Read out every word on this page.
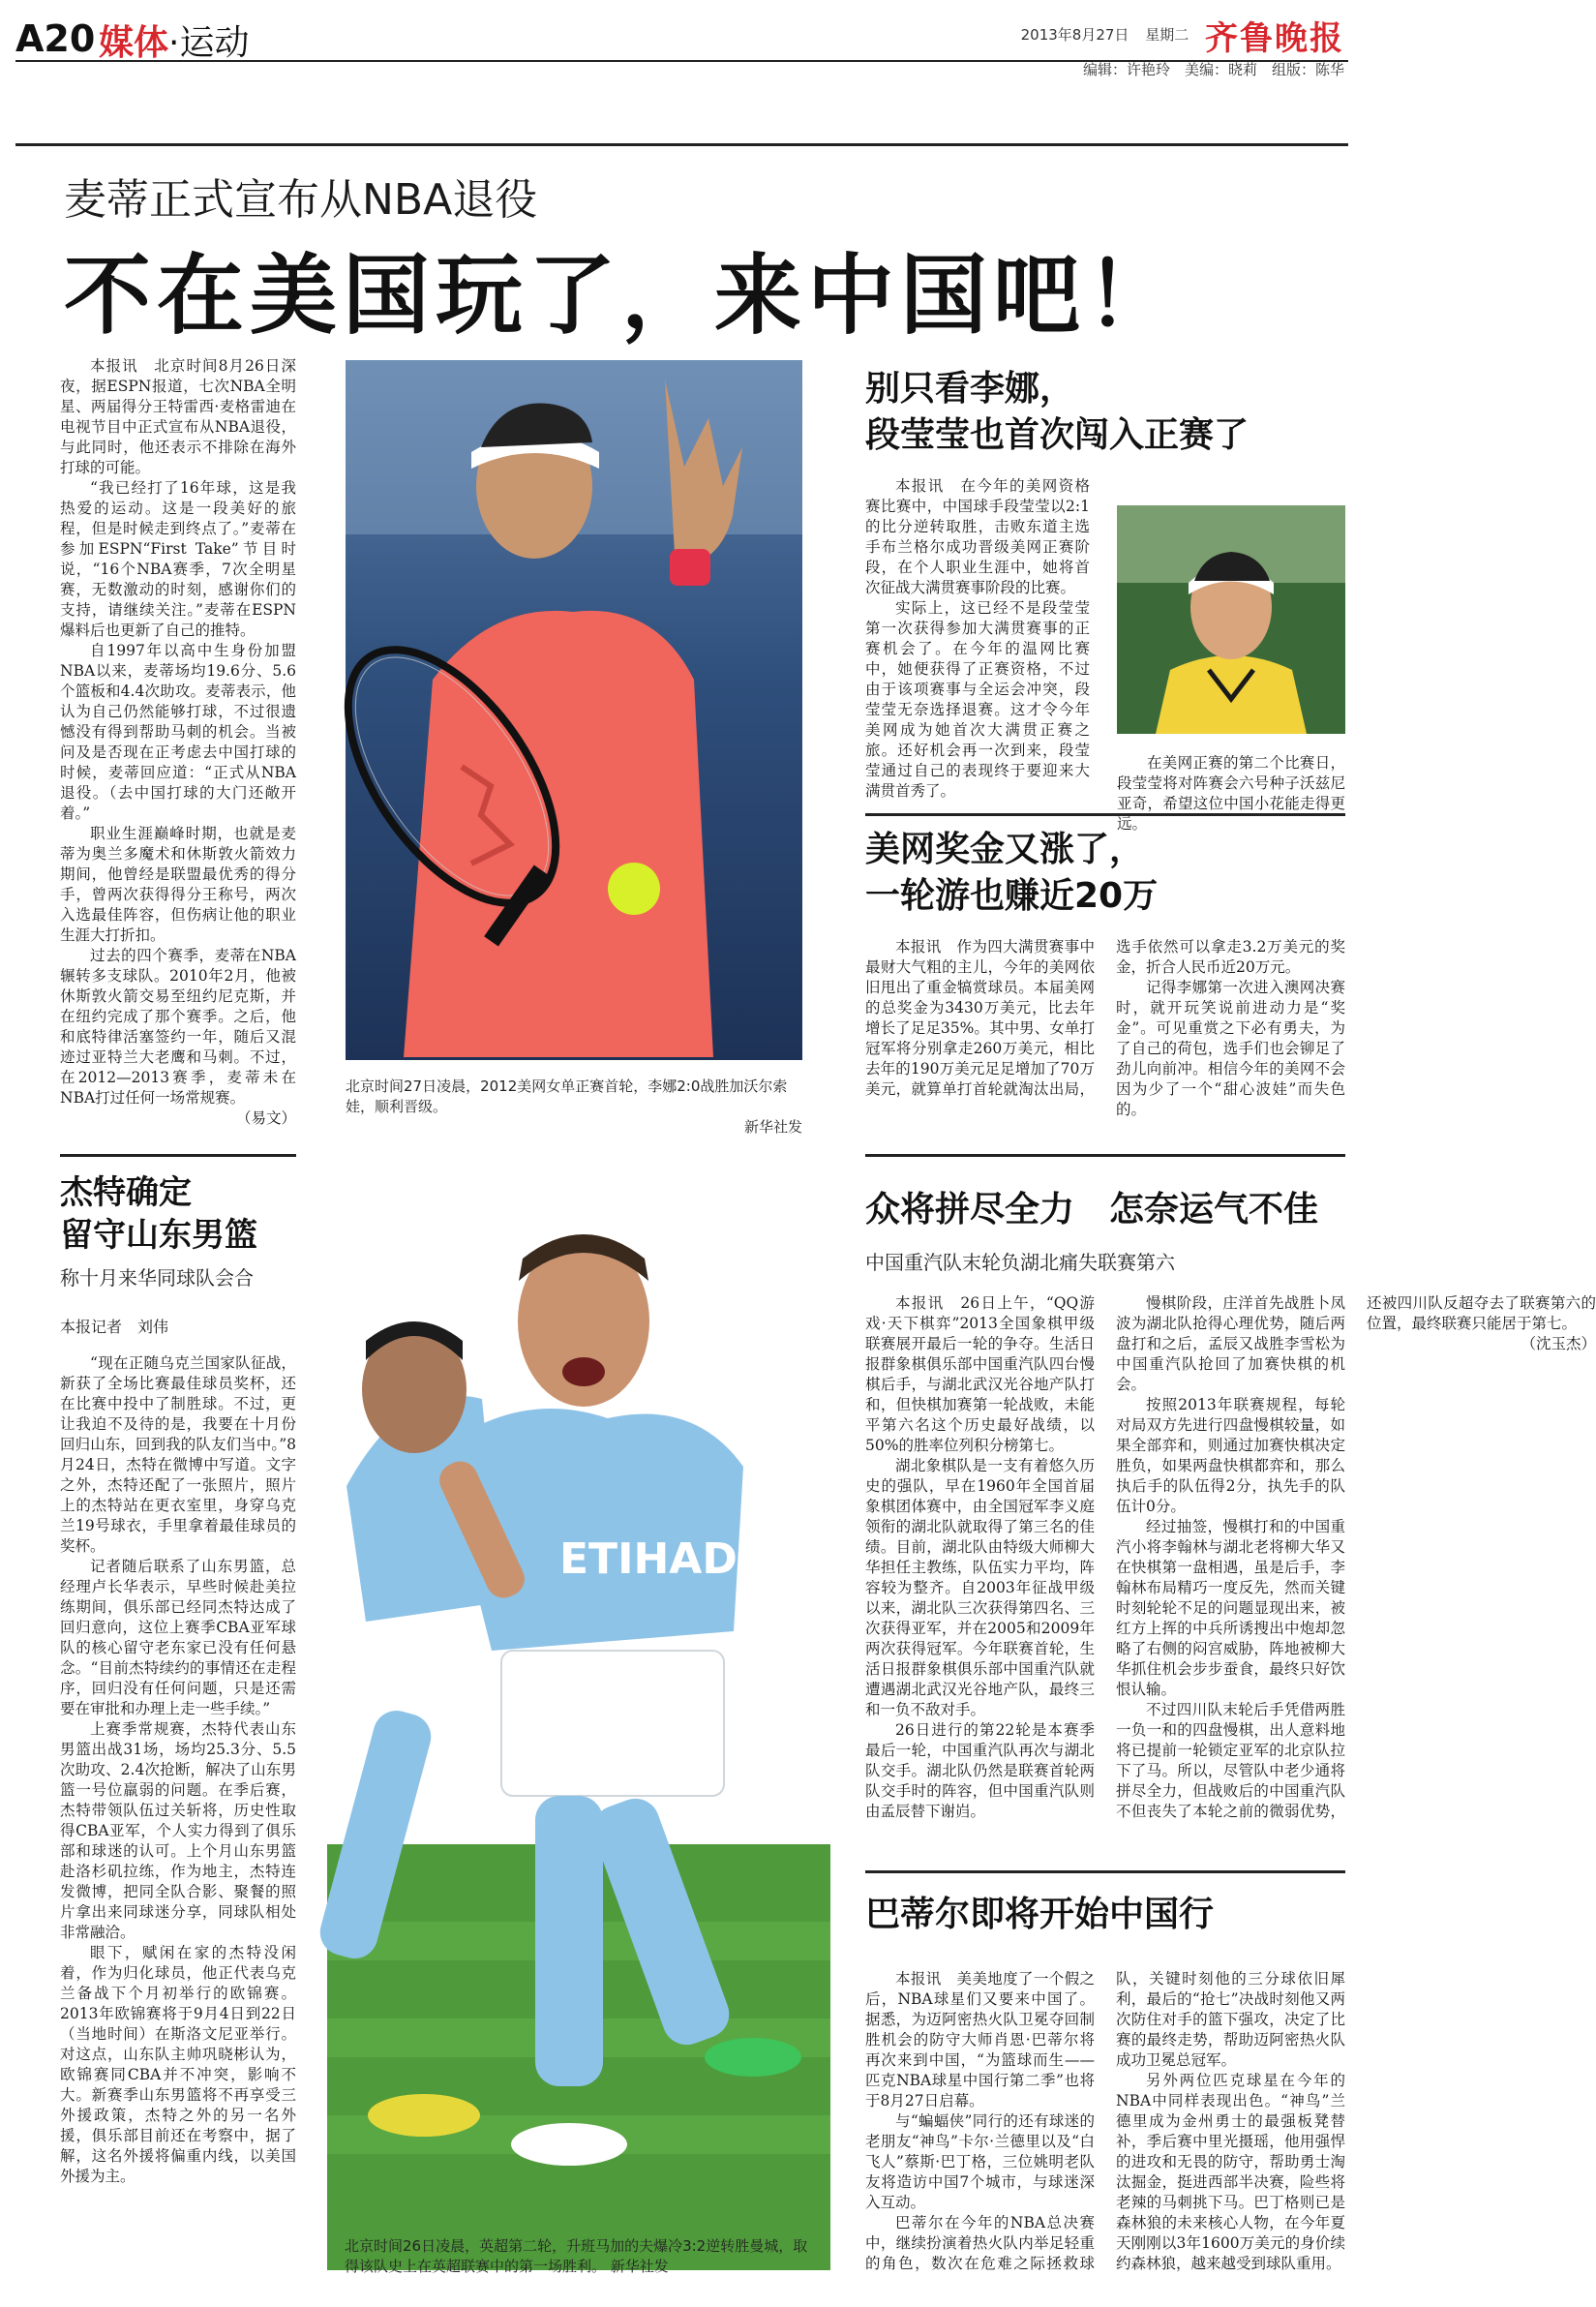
A20 媒体·运动	2013年8月27日 星期二 齐鲁晚报
编辑：许艳玲　美编：晓莉　组版：陈华
麦蒂正式宣布从NBA退役
不在美国玩了，来中国吧！

本报讯　北京时间8月26日深夜，据ESPN报道，七次NBA全明星、两届得分王特雷西·麦格雷迪在电视节目中正式宣布从NBA退役，与此同时，他还表示不排除在海外打球的可能。

“我已经打了16年球，这是我热爱的运动。这是一段美好的旅程，但是时候走到终点了。”麦蒂在参加ESPN“First Take”节目时说，“16个NBA赛季，7次全明星赛，无数激动的时刻，感谢你们的支持，请继续关注。”麦蒂在ESPN爆料后也更新了自己的推特。

自1997年以高中生身份加盟NBA以来，麦蒂场均19.6分、5.6个篮板和4.4次助攻。麦蒂表示，他认为自己仍然能够打球，不过很遗憾没有得到帮助马刺的机会。当被问及是否现在正考虑去中国打球的时候，麦蒂回应道：“正式从NBA退役。（去中国打球的大门还敞开着。”

职业生涯巅峰时期，也就是麦蒂为奥兰多魔术和休斯敦火箭效力期间，他曾经是联盟最优秀的得分手，曾两次获得得分王称号，两次入选最佳阵容，但伤病让他的职业生涯大打折扣。

过去的四个赛季，麦蒂在NBA辗转多支球队。2010年2月，他被休斯敦火箭交易至纽约尼克斯，并在纽约完成了那个赛季。之后，他和底特律活塞签约一年，随后又混迹过亚特兰大老鹰和马刺。不过，在2012—2013赛季，麦蒂未在NBA打过任何一场常规赛。

（易文）

北京时间27日凌晨，2012美网女单正赛首轮，李娜2:0战胜加沃尔索娃，顺利晋级。
新华社发
别只看李娜，
段莹莹也首次闯入正赛了

本报讯　在今年的美网资格赛比赛中，中国球手段莹莹以2:1的比分逆转取胜，击败东道主选手布兰格尔成功晋级美网正赛阶段，在个人职业生涯中，她将首次征战大满贯赛事阶段的比赛。

实际上，这已经不是段莹莹第一次获得参加大满贯赛事的正赛机会了。在今年的温网比赛中，她便获得了正赛资格，不过由于该项赛事与全运会冲突，段莹莹无奈选择退赛。这才令今年美网成为她首次大满贯正赛之旅。还好机会再一次到来，段莹莹通过自己的表现终于要迎来大满贯首秀了。

在美网正赛的第二个比赛日，段莹莹将对阵赛会六号种子沃兹尼亚奇，希望这位中国小花能走得更远。

美网奖金又涨了，
一轮游也赚近20万

本报讯　作为四大满贯赛事中最财大气粗的主儿，今年的美网依旧甩出了重金犒赏球员。本届美网的总奖金为3430万美元，比去年增长了足足35%。其中男、女单打冠军将分别拿走260万美元，相比去年的190万美元足足增加了70万美元，就算单打首轮就淘汰出局，选手依然可以拿走3.2万美元的奖金，折合人民币近20万元。

记得李娜第一次进入澳网决赛时，就开玩笑说前进动力是“奖金”。可见重赏之下必有勇夫，为了自己的荷包，选手们也会铆足了劲儿向前冲。相信今年的美网不会因为少了一个“甜心波娃”而失色的。

杰特确定
留守山东男篮
称十月来华同球队会合
本报记者　刘伟

“现在正随乌克兰国家队征战，新获了全场比赛最佳球员奖杯，还在比赛中投中了制胜球。不过，更让我迫不及待的是，我要在十月份回归山东，回到我的队友们当中。”8月24日，杰特在微博中写道。文字之外，杰特还配了一张照片，照片上的杰特站在更衣室里，身穿乌克兰19号球衣，手里拿着最佳球员的奖杯。

记者随后联系了山东男篮，总经理卢长华表示，早些时候赴美拉练期间，俱乐部已经同杰特达成了回归意向，这位上赛季CBA亚军球队的核心留守老东家已没有任何悬念。“目前杰特续约的事情还在走程序，回归没有任何问题，只是还需要在审批和办理上走一些手续。”

上赛季常规赛，杰特代表山东男篮出战31场，场均25.3分、5.5次助攻、2.4次抢断，解决了山东男篮一号位羸弱的问题。在季后赛，杰特带领队伍过关斩将，历史性取得CBA亚军，个人实力得到了俱乐部和球迷的认可。上个月山东男篮赴洛杉矶拉练，作为地主，杰特连发微博，把同全队合影、聚餐的照片拿出来同球迷分享，同球队相处非常融洽。

眼下，赋闲在家的杰特没闲着，作为归化球员，他正代表乌克兰备战下个月初举行的欧锦赛。2013年欧锦赛将于9月4日到22日（当地时间）在斯洛文尼亚举行。对这点，山东队主帅巩晓彬认为，欧锦赛同CBA并不冲突，影响不大。新赛季山东男篮将不再享受三外援政策，杰特之外的另一名外援，俱乐部目前还在考察中，据了解，这名外援将偏重内线，以美国外援为主。

ETIHAD
北京时间26日凌晨，英超第二轮，升班马加的夫爆冷3:2逆转胜曼城，取得该队史上在英超联赛中的第一场胜利。 新华社发
众将拼尽全力　怎奈运气不佳
中国重汽队末轮负湖北痛失联赛第六

本报讯　26日上午，“QQ游戏·天下棋弈”2013全国象棋甲级联赛展开最后一轮的争夺。生活日报群象棋俱乐部中国重汽队四台慢棋后手，与湖北武汉光谷地产队打和，但快棋加赛第一轮战败，未能平第六名这个历史最好战绩，以50%的胜率位列积分榜第七。

湖北象棋队是一支有着悠久历史的强队，早在1960年全国首届象棋团体赛中，由全国冠军李义庭领衔的湖北队就取得了第三名的佳绩。目前，湖北队由特级大师柳大华担任主教练，队伍实力平均，阵容较为整齐。自2003年征战甲级以来，湖北队三次获得第四名、三次获得亚军，并在2005和2009年两次获得冠军。今年联赛首轮，生活日报群象棋俱乐部中国重汽队就遭遇湖北武汉光谷地产队，最终三和一负不敌对手。

26日进行的第22轮是本赛季最后一轮，中国重汽队再次与湖北队交手。湖北队仍然是联赛首轮两队交手时的阵容，但中国重汽队则由孟辰替下谢岿。

慢棋阶段，庄洋首先战胜卜凤波为湖北队抢得心理优势，随后两盘打和之后，孟辰又战胜李雪松为中国重汽队抢回了加赛快棋的机会。

按照2013年联赛规程，每轮对局双方先进行四盘慢棋较量，如果全部弈和，则通过加赛快棋决定胜负，如果两盘快棋都弈和，那么执后手的队伍得2分，执先手的队伍计0分。

经过抽签，慢棋打和的中国重汽小将李翰林与湖北老将柳大华又在快棋第一盘相遇，虽是后手，李翰林布局精巧一度反先，然而关键时刻轮轮不足的问题显现出来，被红方上挥的中兵所诱搜出中炮却忽略了右侧的闷宫威胁，阵地被柳大华抓住机会步步蚕食，最终只好饮恨认输。

不过四川队末轮后手凭借两胜一负一和的四盘慢棋，出人意料地将已提前一轮锁定亚军的北京队拉下了马。所以，尽管队中老少通将拼尽全力，但战败后的中国重汽队不但丧失了本轮之前的微弱优势，还被四川队反超夺去了联赛第六的位置，最终联赛只能居于第七。

（沈玉杰）

巴蒂尔即将开始中国行

本报讯　美美地度了一个假之后，NBA球星们又要来中国了。据悉，为迈阿密热火队卫冕夺回制胜机会的防守大师肖恩·巴蒂尔将再次来到中国，“为篮球而生——匹克NBA球星中国行第二季”也将于8月27日启幕。

与“蝙蝠侠”同行的还有球迷的老朋友“神鸟”卡尔·兰德里以及“白飞人”蔡斯·巴丁格，三位姚明老队友将造访中国7个城市，与球迷深入互动。

巴蒂尔在今年的NBA总决赛中，继续扮演着热火队内举足轻重的角色，数次在危难之际拯救球队，关键时刻他的三分球依旧犀利，最后的“抢七”决战时刻他又两次防住对手的篮下强攻，决定了比赛的最终走势，帮助迈阿密热火队成功卫冕总冠军。

另外两位匹克球星在今年的NBA中同样表现出色。“神鸟”兰德里成为金州勇士的最强板凳替补，季后赛中里光摄瑶，他用强悍的进攻和无畏的防守，帮助勇士淘汰掘金，挺进西部半决赛，险些将老辣的马刺挑下马。巴丁格则已是森林狼的未来核心人物，在今年夏天刚刚以3年1600万美元的身价续约森林狼，越来越受到球队重用。
